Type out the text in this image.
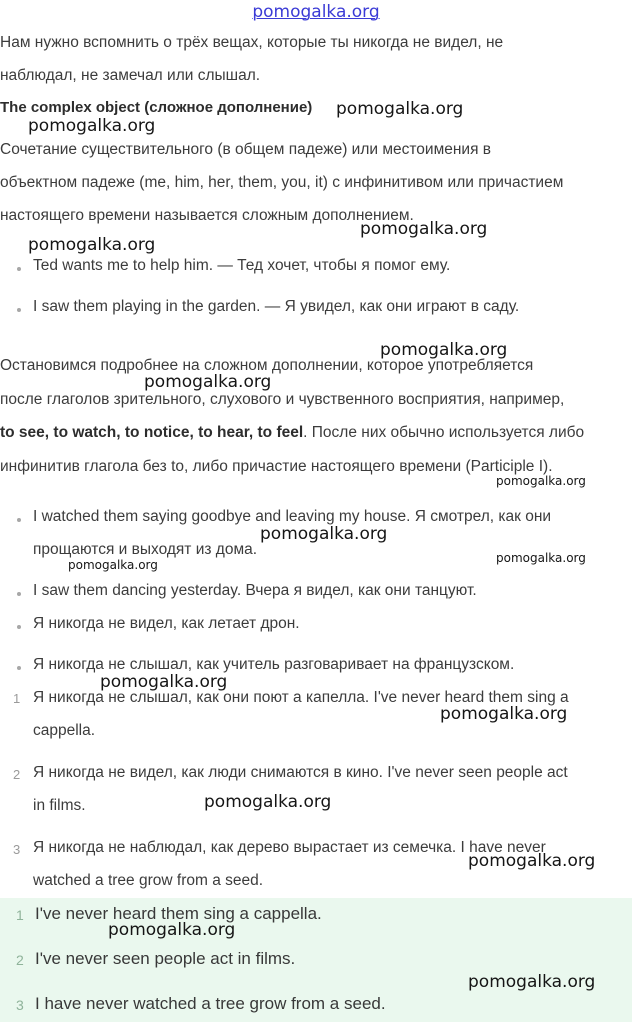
pomogalka.org
Нам нужно вспомнить о трёх вещах, которые ты никогда не видел, не
наблюдал, не замечал или слышал.
The complex object (сложное дополнение)
Сочетание существительного (в общем падеже) или местоимения в
объектном падеже (me, him, her, them, you, it) с инфинитивом или причастием
настоящего времени называется сложным дополнением.
Ted wants me to help him. — Тед хочет, чтобы я помог ему.
I saw them playing in the garden. — Я увидел, как они играют в саду.
Остановимся подробнее на сложном дополнении, которое употребляется
после глаголов зрительного, слухового и чувственного восприятия, например,
to see, to watch, to notice, to hear, to feel. После них обычно используется либо
инфинитив глагола без to, либо причастие настоящего времени (Participle I).
I watched them saying goodbye and leaving my house. Я смотрел, как они
прощаются и выходят из дома.
I saw them dancing yesterday. Вчера я видел, как они танцуют.
Я никогда не видел, как летает дрон.
Я никогда не слышал, как учитель разговаривает на французском.
1 Я никогда не слышал, как они поют а капелла. I've never heard them sing a
cappella.
2 Я никогда не видел, как люди снимаются в кино. I've never seen people act
in films.
3 Я никогда не наблюдал, как дерево вырастает из семечка. I have never
watched a tree grow from a seed.
1 I've never heard them sing a cappella.
2 I've never seen people act in films.
3 I have never watched a tree grow from a seed.
pomogalka.org
pomogalka.org
pomogalka.org
pomogalka.org
pomogalka.org
pomogalka.org
pomogalka.org
pomogalka.org
pomogalka.org
pomogalka.org
pomogalka.org
pomogalka.org
pomogalka.org
pomogalka.org
pomogalka.org
pomogalka.org
